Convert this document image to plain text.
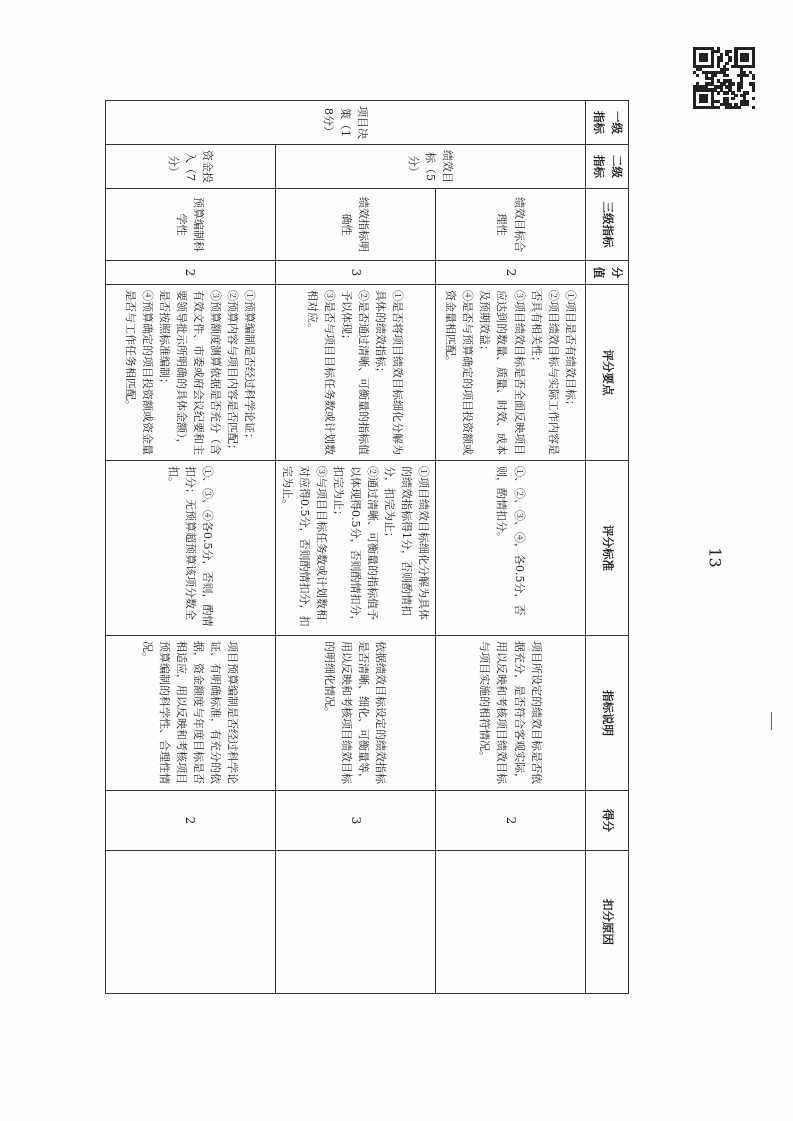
一级指标	二级指标	三级指标	分值	评分要点	评分标准	指标说明	得分	扣分原因
项目决策（18分）	绩效目标（5分）	绩效目标合理性	2	①项目是否有绩效目标；
②项目绩效目标与实际工作内容是否具有相关性；
③项目绩效目标是否全面反映项目应达到的数量、质量、时效、成本及预期效益；
④是否与预算确定的项目投资额或资金量相匹配。	①、②、③、④，各0.5分，否则，酌情扣分。	项目所设定的绩效目标是否依据充分，是否符合客观实际，用以反映和考核项目绩效目标与项目实施的相符情况。	2	
		绩效指标明确性	3	①是否将项目绩效目标细化分解为具体的绩效指标；
②是否通过清晰、可衡量的指标值予以体现；
③是否与项目目标任务数或计划数相对应。	①项目绩效目标细化分解为具体的绩效指标得1分，否则酌情扣分，扣完为止；
②通过清晰、可衡量的指标值予以体现得0.5分，否则酌情扣分，扣完为止；
③与项目目标任务数或计划数相对应得0.5分，否则酌情扣分，扣完为止。	依据绩效目标设定的绩效指标是否清晰、细化、可衡量等，用以反映和考核项目绩效目标的明细化情况。	3	
	资金投入（7分）	预算编制科学性	2	①预算编制是否经过科学论证；
②预算内容与项目内容是否匹配；
③预算额度测算依据是否充分（含有效文件、市委或府会议纪要和主要领导批示所明确的具体金额），是否按照标准编制；
④预算确定的项目投资额或资金量是否与工作任务相匹配。	①、③、④各0.5分，否则，酌情扣分；无预算超预算该项分数全扣。	项目预算编制是否经过科学论证、有明确标准，有充分的依据，资金额度与年度目标是否相适应，用以反映和考核项目预算编制的科学性、合理性情况。	2	
13
